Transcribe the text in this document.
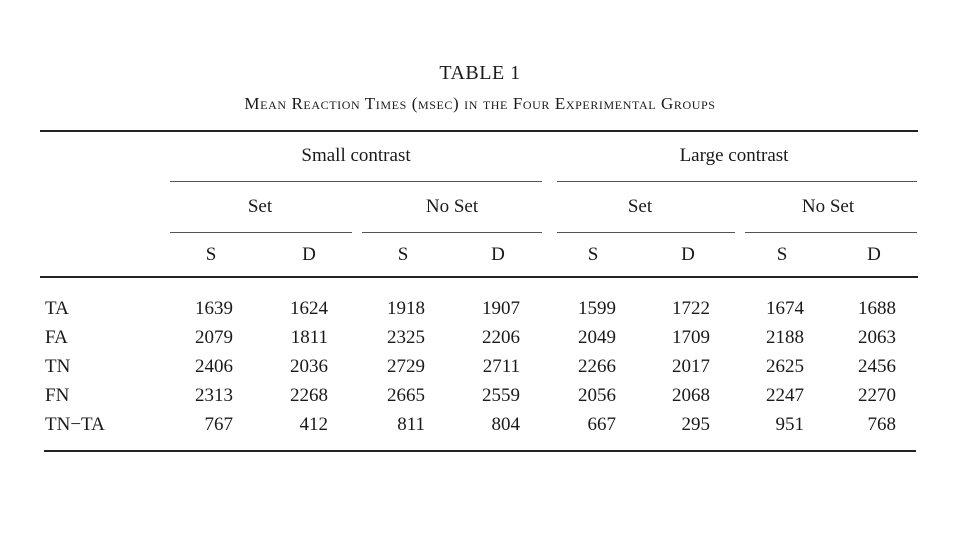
TABLE 1
Mean Reaction Times (msec) in the Four Experimental Groups
Small contrast	Large contrast
Set	No Set	Set	No Set
S	D	S	D	S	D	S	D
TA	1639	1624	1918	1907	1599	1722	1674	1688
FA	2079	1811	2325	2206	2049	1709	2188	2063
TN	2406	2036	2729	2711	2266	2017	2625	2456
FN	2313	2268	2665	2559	2056	2068	2247	2270
TN−TA	767	412	811	804	667	295	951	768
